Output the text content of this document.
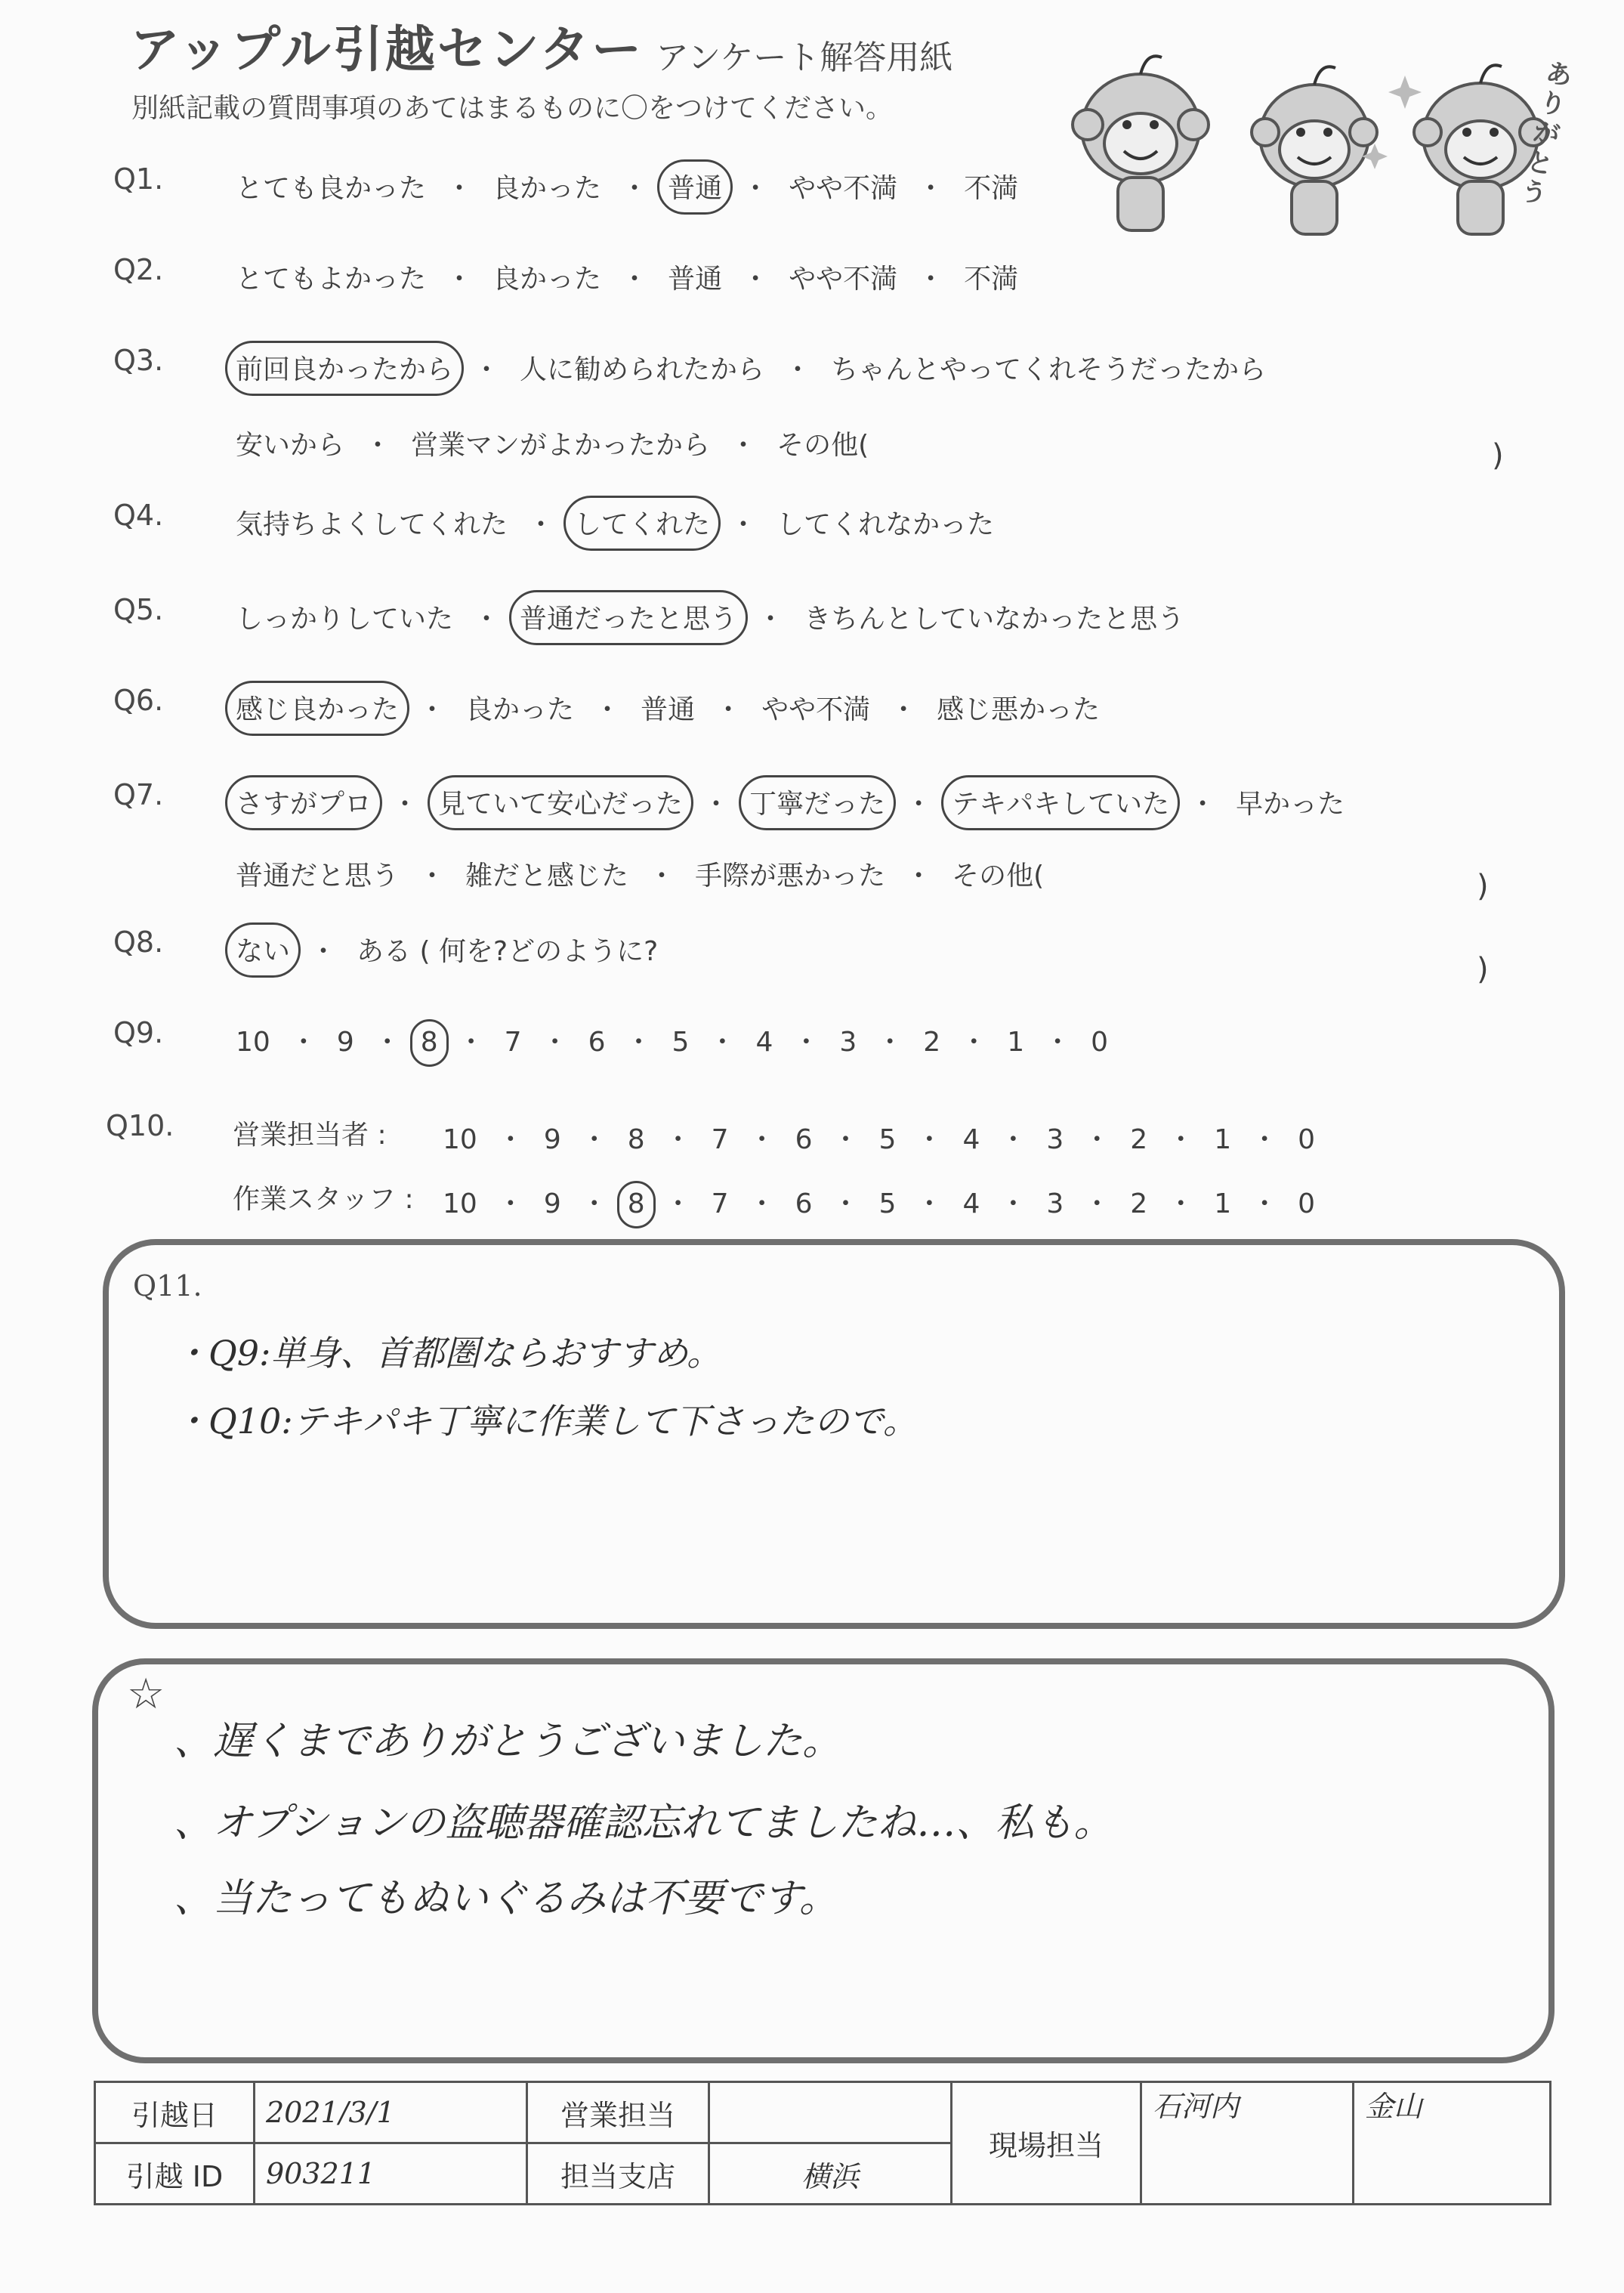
アップル引越センター アンケート解答用紙
別紙記載の質問事項のあてはまるものに〇をつけてください。
ありがとう
Q1.	とても良かった ・ 良かった ・ 普通 ・ やや不満 ・ 不満
Q2.	とてもよかった ・ 良かった ・ 普通 ・ やや不満 ・ 不満
Q3.	前回良かったから ・ 人に勧められたから ・ ちゃんとやってくれそうだったから
安いから ・ 営業マンがよかったから ・ その他(	)
Q4.	気持ちよくしてくれた ・ してくれた ・ してくれなかった
Q5.	しっかりしていた ・ 普通だったと思う ・ きちんとしていなかったと思う
Q6.	感じ良かった ・ 良かった ・ 普通 ・ やや不満 ・ 感じ悪かった
Q7.	さすがプロ ・ 見ていて安心だった ・ 丁寧だった ・ テキパキしていた ・ 早かった
普通だと思う ・ 雑だと感じた ・ 手際が悪かった ・ その他(	)
Q8.	ない ・ ある ( 何を?どのように?
)
Q9.	10 ・ 9 ・ 8 ・ 7 ・ 6 ・ 5 ・ 4 ・ 3 ・ 2 ・ 1 ・ 0
Q10. 営業担当者 : 10 ・ 9 ・ 8 ・ 7 ・ 6 ・ 5 ・ 4 ・ 3 ・ 2 ・ 1 ・ 0
作業スタッフ : 10 ・ 9 ・ 8 ・ 7 ・ 6 ・ 5 ・ 4 ・ 3 ・ 2 ・ 1 ・ 0
Q11.
・Q9:単身、首都圏ならおすすめ。
・Q10:テキパキ丁寧に作業して下さったので。
☆
、遅くまでありがとうございました。
、オプションの盗聴器確認忘れてましたね…、私も。
、当たってもぬいぐるみは不要です。
引越日	2021/3/1	営業担当		現場担当	石河内	金山
引越 ID	903211	担当支店	横浜			
